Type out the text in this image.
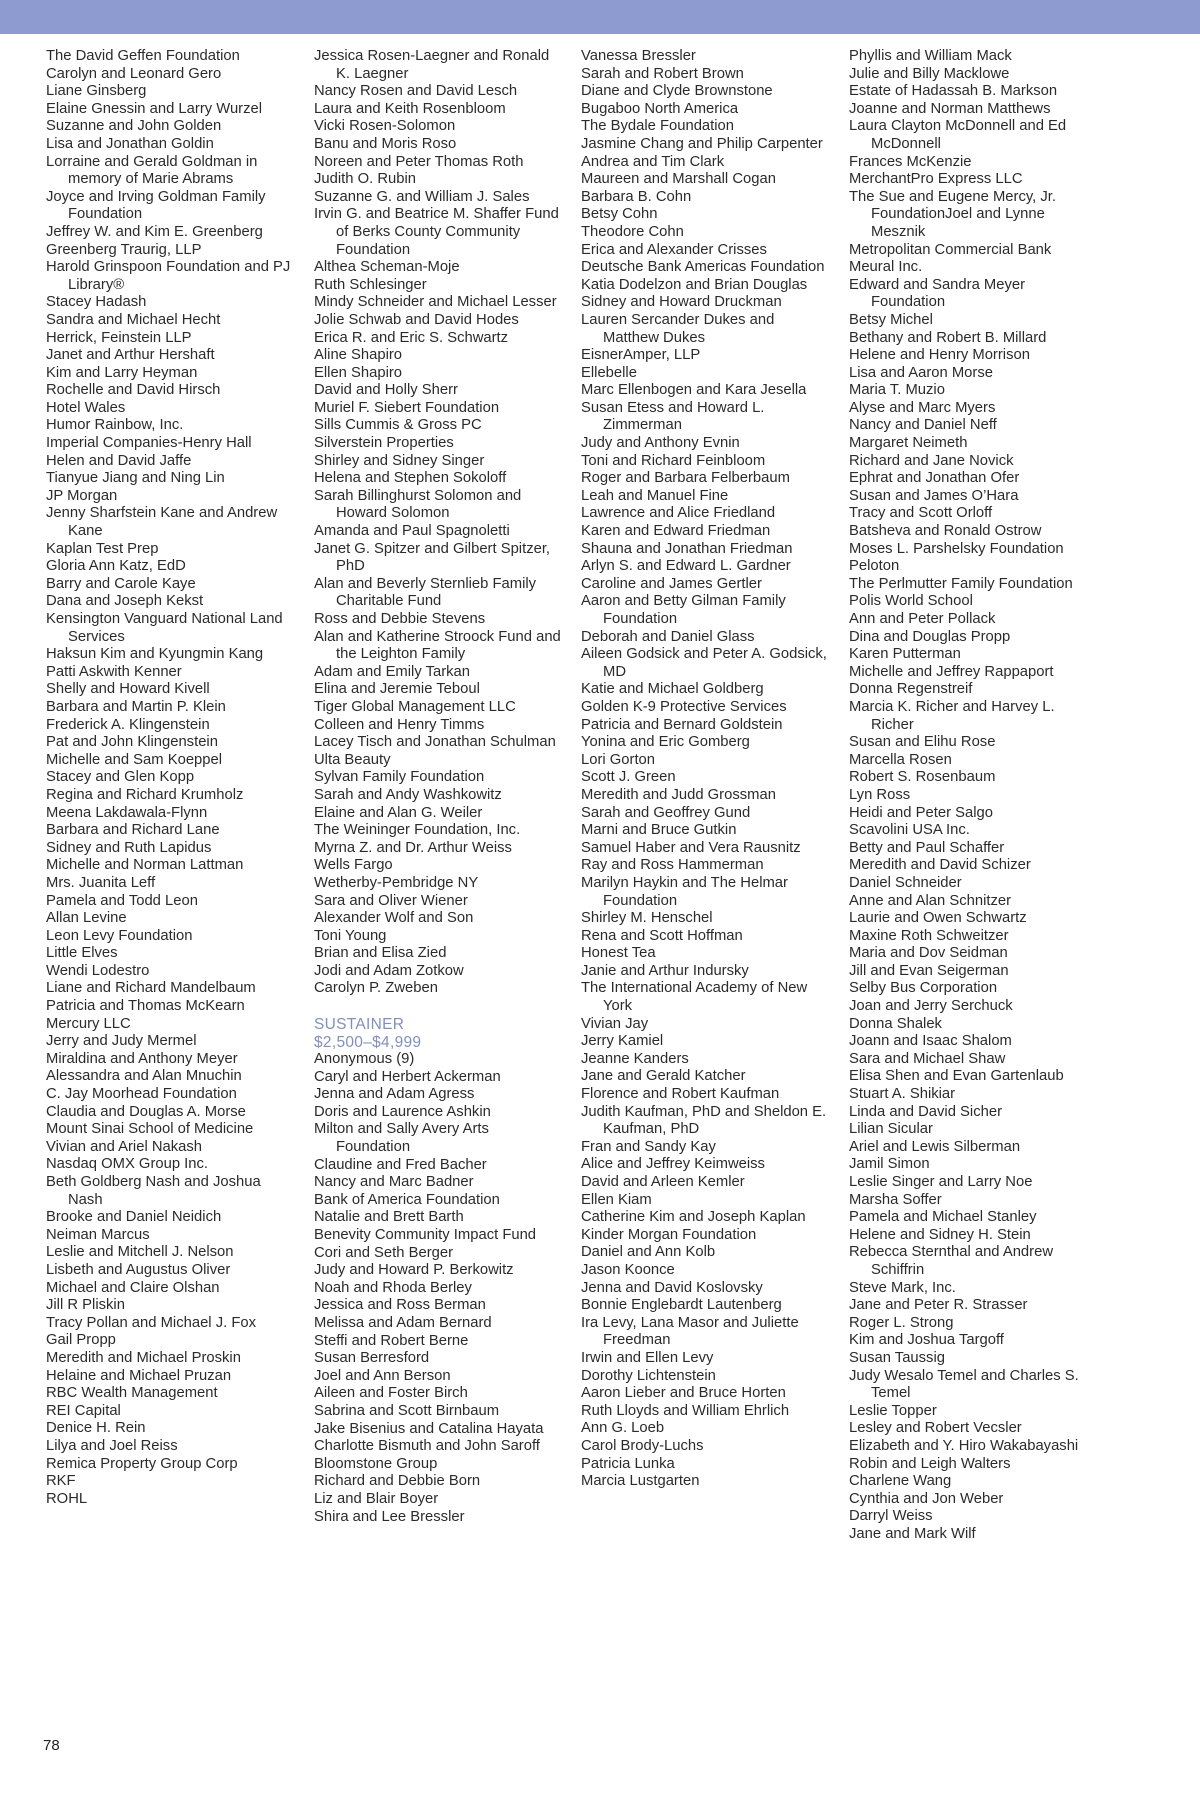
The David Geffen Foundation
Carolyn and Leonard Gero
Liane Ginsberg
Elaine Gnessin and Larry Wurzel
Suzanne and John Golden
Lisa and Jonathan Goldin
Lorraine and Gerald Goldman in memory of Marie Abrams
Joyce and Irving Goldman Family Foundation
Jeffrey W. and Kim E. Greenberg
Greenberg Traurig, LLP
Harold Grinspoon Foundation and PJ Library®
Stacey Hadash
Sandra and Michael Hecht
Herrick, Feinstein LLP
Janet and Arthur Hershaft
Kim and Larry Heyman
Rochelle and David Hirsch
Hotel Wales
Humor Rainbow, Inc.
Imperial Companies-Henry Hall
Helen and David Jaffe
Tianyue Jiang and Ning Lin
JP Morgan
Jenny Sharfstein Kane and Andrew Kane
Kaplan Test Prep
Gloria Ann Katz, EdD
Barry and Carole Kaye
Dana and Joseph Kekst
Kensington Vanguard National Land Services
Haksun Kim and Kyungmin Kang
Patti Askwith Kenner
Shelly and Howard Kivell
Barbara and Martin P. Klein
Frederick A. Klingenstein
Pat and John Klingenstein
Michelle and Sam Koeppel
Stacey and Glen Kopp
Regina and Richard Krumholz
Meena Lakdawala-Flynn
Barbara and Richard Lane
Sidney and Ruth Lapidus
Michelle and Norman Lattman
Mrs. Juanita Leff
Pamela and Todd Leon
Allan Levine
Leon Levy Foundation
Little Elves
Wendi Lodestro
Liane and Richard Mandelbaum
Patricia and Thomas McKearn
Mercury LLC
Jerry and Judy Mermel
Miraldina and Anthony Meyer
Alessandra and Alan Mnuchin
C. Jay Moorhead Foundation
Claudia and Douglas A. Morse
Mount Sinai School of Medicine
Vivian and Ariel Nakash
Nasdaq OMX Group Inc.
Beth Goldberg Nash and Joshua Nash
Brooke and Daniel Neidich
Neiman Marcus
Leslie and Mitchell J. Nelson
Lisbeth and Augustus Oliver
Michael and Claire Olshan
Jill R Pliskin
Tracy Pollan and Michael J. Fox
Gail Propp
Meredith and Michael Proskin
Helaine and Michael Pruzan
RBC Wealth Management
REI Capital
Denice H. Rein
Lilya and Joel Reiss
Remica Property Group Corp
RKF
ROHL
Jessica Rosen-Laegner and Ronald K. Laegner
Nancy Rosen and David Lesch
Laura and Keith Rosenbloom
Vicki Rosen-Solomon
Banu and Moris Roso
Noreen and Peter Thomas Roth
Judith O. Rubin
Suzanne G. and William J. Sales
Irvin G. and Beatrice M. Shaffer Fund of Berks County Community Foundation
Althea Scheman-Moje
Ruth Schlesinger
Mindy Schneider and Michael Lesser
Jolie Schwab and David Hodes
Erica R. and Eric S. Schwartz
Aline Shapiro
Ellen Shapiro
David and Holly Sherr
Muriel F. Siebert Foundation
Sills Cummis & Gross PC
Silverstein Properties
Shirley and Sidney Singer
Helena and Stephen Sokoloff
Sarah Billinghurst Solomon and Howard Solomon
Amanda and Paul Spagnoletti
Janet G. Spitzer and Gilbert Spitzer, PhD
Alan and Beverly Sternlieb Family Charitable Fund
Ross and Debbie Stevens
Alan and Katherine Stroock Fund and the Leighton Family
Adam and Emily Tarkan
Elina and Jeremie Teboul
Tiger Global Management LLC
Colleen and Henry Timms
Lacey Tisch and Jonathan Schulman
Ulta Beauty
Sylvan Family Foundation
Sarah and Andy Washkowitz
Elaine and Alan G. Weiler
The Weininger Foundation, Inc.
Myrna Z. and Dr. Arthur Weiss
Wells Fargo
Wetherby-Pembridge NY
Sara and Oliver Wiener
Alexander Wolf and Son
Toni Young
Brian and Elisa Zied
Jodi and Adam Zotkow
Carolyn P. Zweben
SUSTAINER
$2,500–$4,999
Anonymous (9)
Caryl and Herbert Ackerman
Jenna and Adam Agress
Doris and Laurence Ashkin
Milton and Sally Avery Arts Foundation
Claudine and Fred Bacher
Nancy and Marc Badner
Bank of America Foundation
Natalie and Brett Barth
Benevity Community Impact Fund
Cori and Seth Berger
Judy and Howard P. Berkowitz
Noah and Rhoda Berley
Jessica and Ross Berman
Melissa and Adam Bernard
Steffi and Robert Berne
Susan Berresford
Joel and Ann Berson
Aileen and Foster Birch
Sabrina and Scott Birnbaum
Jake Bisenius and Catalina Hayata
Charlotte Bismuth and John Saroff
Bloomstone Group
Richard and Debbie Born
Liz and Blair Boyer
Shira and Lee Bressler
Vanessa Bressler
Sarah and Robert Brown
Diane and Clyde Brownstone
Bugaboo North America
The Bydale Foundation
Jasmine Chang and Philip Carpenter
Andrea and Tim Clark
Maureen and Marshall Cogan
Barbara B. Cohn
Betsy Cohn
Theodore Cohn
Erica and Alexander Crisses
Deutsche Bank Americas Foundation
Katia Dodelzon and Brian Douglas
Sidney and Howard Druckman
Lauren Sercander Dukes and Matthew Dukes
EisnerAmper, LLP
Ellebelle
Marc Ellenbogen and Kara Jesella
Susan Etess and Howard L. Zimmerman
Judy and Anthony Evnin
Toni and Richard Feinbloom
Roger and Barbara Felberbaum
Leah and Manuel Fine
Lawrence and Alice Friedland
Karen and Edward Friedman
Shauna and Jonathan Friedman
Arlyn S. and Edward L. Gardner
Caroline and James Gertler
Aaron and Betty Gilman Family Foundation
Deborah and Daniel Glass
Aileen Godsick and Peter A. Godsick, MD
Katie and Michael Goldberg
Golden K-9 Protective Services
Patricia and Bernard Goldstein
Yonina and Eric Gomberg
Lori Gorton
Scott J. Green
Meredith and Judd Grossman
Sarah and Geoffrey Gund
Marni and Bruce Gutkin
Samuel Haber and Vera Rausnitz
Ray and Ross Hammerman
Marilyn Haykin and The Helmar Foundation
Shirley M. Henschel
Rena and Scott Hoffman
Honest Tea
Janie and Arthur Indursky
The International Academy of New York
Vivian Jay
Jerry Kamiel
Jeanne Kanders
Jane and Gerald Katcher
Florence and Robert Kaufman
Judith Kaufman, PhD and Sheldon E. Kaufman, PhD
Fran and Sandy Kay
Alice and Jeffrey Keimweiss
David and Arleen Kemler
Ellen Kiam
Catherine Kim and Joseph Kaplan
Kinder Morgan Foundation
Daniel and Ann Kolb
Jason Koonce
Jenna and David Koslovsky
Bonnie Englebardt Lautenberg
Ira Levy, Lana Masor and Juliette Freedman
Irwin and Ellen Levy
Dorothy Lichtenstein
Aaron Lieber and Bruce Horten
Ruth Lloyds and William Ehrlich
Ann G. Loeb
Carol Brody-Luchs
Patricia Lunka
Marcia Lustgarten
Phyllis and William Mack
Julie and Billy Macklowe
Estate of Hadassah B. Markson
Joanne and Norman Matthews
Laura Clayton McDonnell and Ed McDonnell
Frances McKenzie
MerchantPro Express LLC
The Sue and Eugene Mercy, Jr. FoundationJoel and Lynne Mesznik
Metropolitan Commercial Bank
Meural Inc.
Edward and Sandra Meyer Foundation
Betsy Michel
Bethany and Robert B. Millard
Helene and Henry Morrison
Lisa and Aaron Morse
Maria T. Muzio
Alyse and Marc Myers
Nancy and Daniel Neff
Margaret Neimeth
Richard and Jane Novick
Ephrat and Jonathan Ofer
Susan and James O’Hara
Tracy and Scott Orloff
Batsheva and Ronald Ostrow
Moses L. Parshelsky Foundation
Peloton
The Perlmutter Family Foundation
Polis World School
Ann and Peter Pollack
Dina and Douglas Propp
Karen Putterman
Michelle and Jeffrey Rappaport
Donna Regenstreif
Marcia K. Richer and Harvey L. Richer
Susan and Elihu Rose
Marcella Rosen
Robert S. Rosenbaum
Lyn Ross
Heidi and Peter Salgo
Scavolini USA Inc.
Betty and Paul Schaffer
Meredith and David Schizer
Daniel Schneider
Anne and Alan Schnitzer
Laurie and Owen Schwartz
Maxine Roth Schweitzer
Maria and Dov Seidman
Jill and Evan Seigerman
Selby Bus Corporation
Joan and Jerry Serchuck
Donna Shalek
Joann and Isaac Shalom
Sara and Michael Shaw
Elisa Shen and Evan Gartenlaub
Stuart A. Shikiar
Linda and David Sicher
Lilian Sicular
Ariel and Lewis Silberman
Jamil Simon
Leslie Singer and Larry Noe
Marsha Soffer
Pamela and Michael Stanley
Helene and Sidney H. Stein
Rebecca Sternthal and Andrew Schiffrin
Steve Mark, Inc.
Jane and Peter R. Strasser
Roger L. Strong
Kim and Joshua Targoff
Susan Taussig
Judy Wesalo Temel and Charles S. Temel
Leslie Topper
Lesley and Robert Vecsler
Elizabeth and Y. Hiro Wakabayashi
Robin and Leigh Walters
Charlene Wang
Cynthia and Jon Weber
Darryl Weiss
Jane and Mark Wilf
78
